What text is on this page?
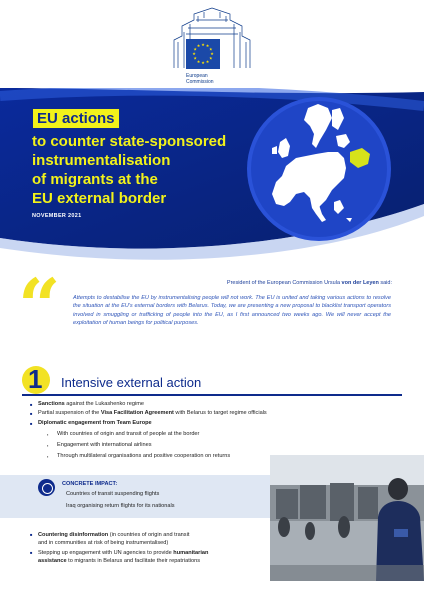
★ ★
★
★
★
★
★
★
★
★
★
★
European
Commission
EU actions
to counter state-sponsored
instrumentalisation
of migrants at the
EU external border
NOVEMBER 2021
“	President of the European Commission Ursula von der Leyen said:
Attempts to destabilise the EU by instrumentalising people will not work. The EU is united and taking various actions to resolve the situation at the EU's external borders with Belarus. Today, we are presenting a new proposal to blacklist transport operators involved in smuggling or trafficking of people into the EU, as I first announced two weeks ago. We will never accept the exploitation of human beings for political purposes.
1 Intensive external action
■ Sanctions against the Lukashenko regime
■ Partial suspension of the Visa Facilitation Agreement with Belarus to target regime officials
■ Diplomatic engagement from Team Europe
▪ With countries of origin and transit of people at the border
▪ Engagement with international airlines
▪ Through multilateral organisations and positive cooperation on returns
CONCRETE IMPACT:
Countries of transit suspending flights
Iraq organising return flights for its nationals
■ Countering disinformation (in countries of origin and transit
and in communities at risk of being instrumentalised)
■ Stepping up engagement with UN agencies to provide humanitarian
assistance to migrants in Belarus and facilitate their repatriations
